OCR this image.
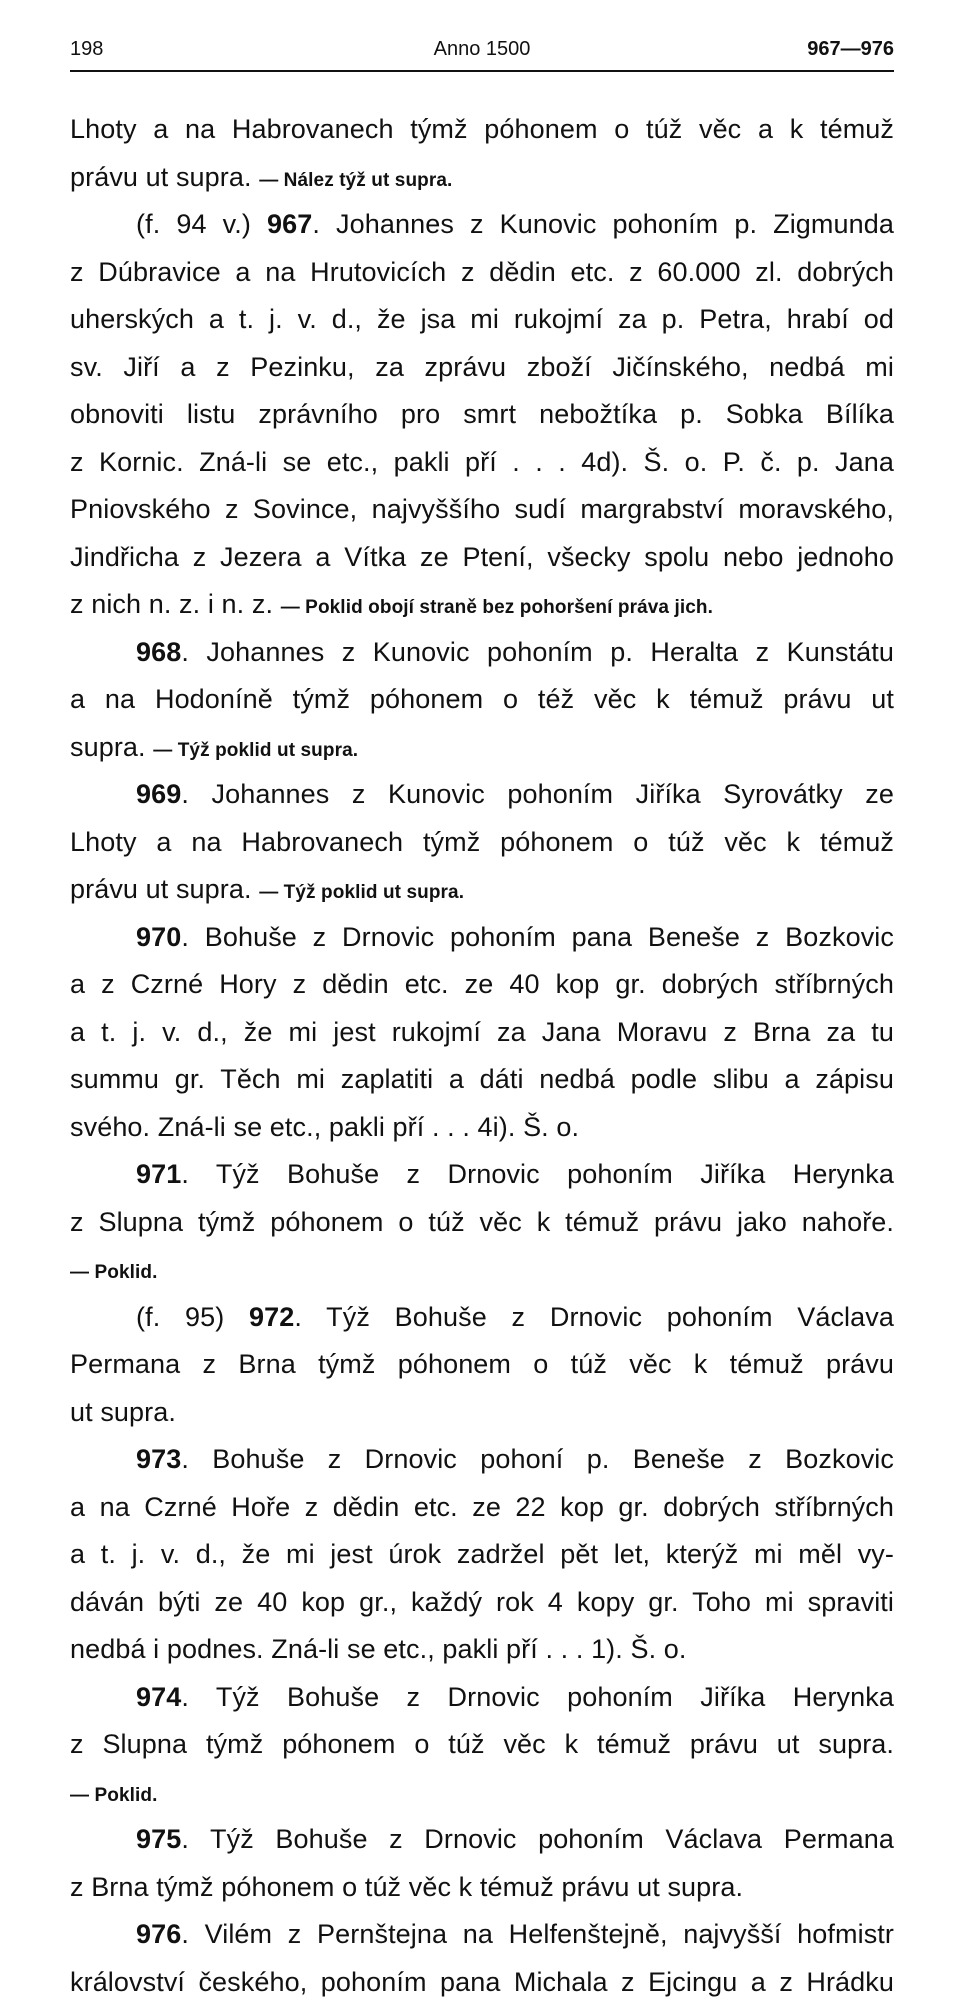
198	Anno 1500	967—976
Lhoty a na Habrovanech týmž póhonem o túž věc a k témuž
právu ut supra. — Nález týž ut supra.
(f. 94 v.) 967. Johannes z Kunovic pohoním p. Zigmunda
z Dúbravice a na Hrutovicích z dědin etc. z 60.000 zl. dobrých
uherských a t. j. v. d., že jsa mi rukojmí za p. Petra, hrabí od
sv. Jiří a z Pezinku, za zprávu zboží Jičínského, nedbá mi
obnoviti listu zprávního pro smrt nebožtíka p. Sobka Bílíka
z Kornic. Zná-li se etc., pakli pří . . . 4d). Š. o. P. č. p. Jana
Pniovského z Sovince, najvyššího sudí margrabství moravského,
Jindřicha z Jezera a Vítka ze Ptení, všecky spolu nebo jednoho
z nich n. z. i n. z. — Poklid obojí straně bez pohoršení práva jich.
968. Johannes z Kunovic pohoním p. Heralta z Kunstátu
a na Hodoníně týmž póhonem o též věc k témuž právu ut
supra. — Týž poklid ut supra.
969. Johannes z Kunovic pohoním Jiříka Syrovátky ze
Lhoty a na Habrovanech týmž póhonem o túž věc k témuž
právu ut supra. — Týž poklid ut supra.
970. Bohuše z Drnovic pohoním pana Beneše z Bozkovic
a z Czrné Hory z dědin etc. ze 40 kop gr. dobrých stříbrných
a t. j. v. d., že mi jest rukojmí za Jana Moravu z Brna za tu
summu gr. Těch mi zaplatiti a dáti nedbá podle slibu a zápisu
svého. Zná-li se etc., pakli pří . . . 4i). Š. o.
971. Týž Bohuše z Drnovic pohoním Jiříka Herynka
z Slupna týmž póhonem o túž věc k témuž právu jako nahoře.
— Poklid.
(f. 95) 972. Týž Bohuše z Drnovic pohoním Václava
Permana z Brna týmž póhonem o túž věc k témuž právu
ut supra.
973. Bohuše z Drnovic pohoní p. Beneše z Bozkovic
a na Czrné Hoře z dědin etc. ze 22 kop gr. dobrých stříbrných
a t. j. v. d., že mi jest úrok zadržel pět let, kterýž mi měl vy-
dáván býti ze 40 kop gr., každý rok 4 kopy gr. Toho mi spraviti
nedbá i podnes. Zná-li se etc., pakli pří . . . 1). Š. o.
974. Týž Bohuše z Drnovic pohoním Jiříka Herynka
z Slupna týmž póhonem o túž věc k témuž právu ut supra.
— Poklid.
975. Týž Bohuše z Drnovic pohoním Václava Permana
z Brna týmž póhonem o túž věc k témuž právu ut supra.
976. Vilém z Pernštejna na Helfenštejně, najvyšší hofmistr
království českého, pohoním pana Michala z Ejcingu a z Hrádku
